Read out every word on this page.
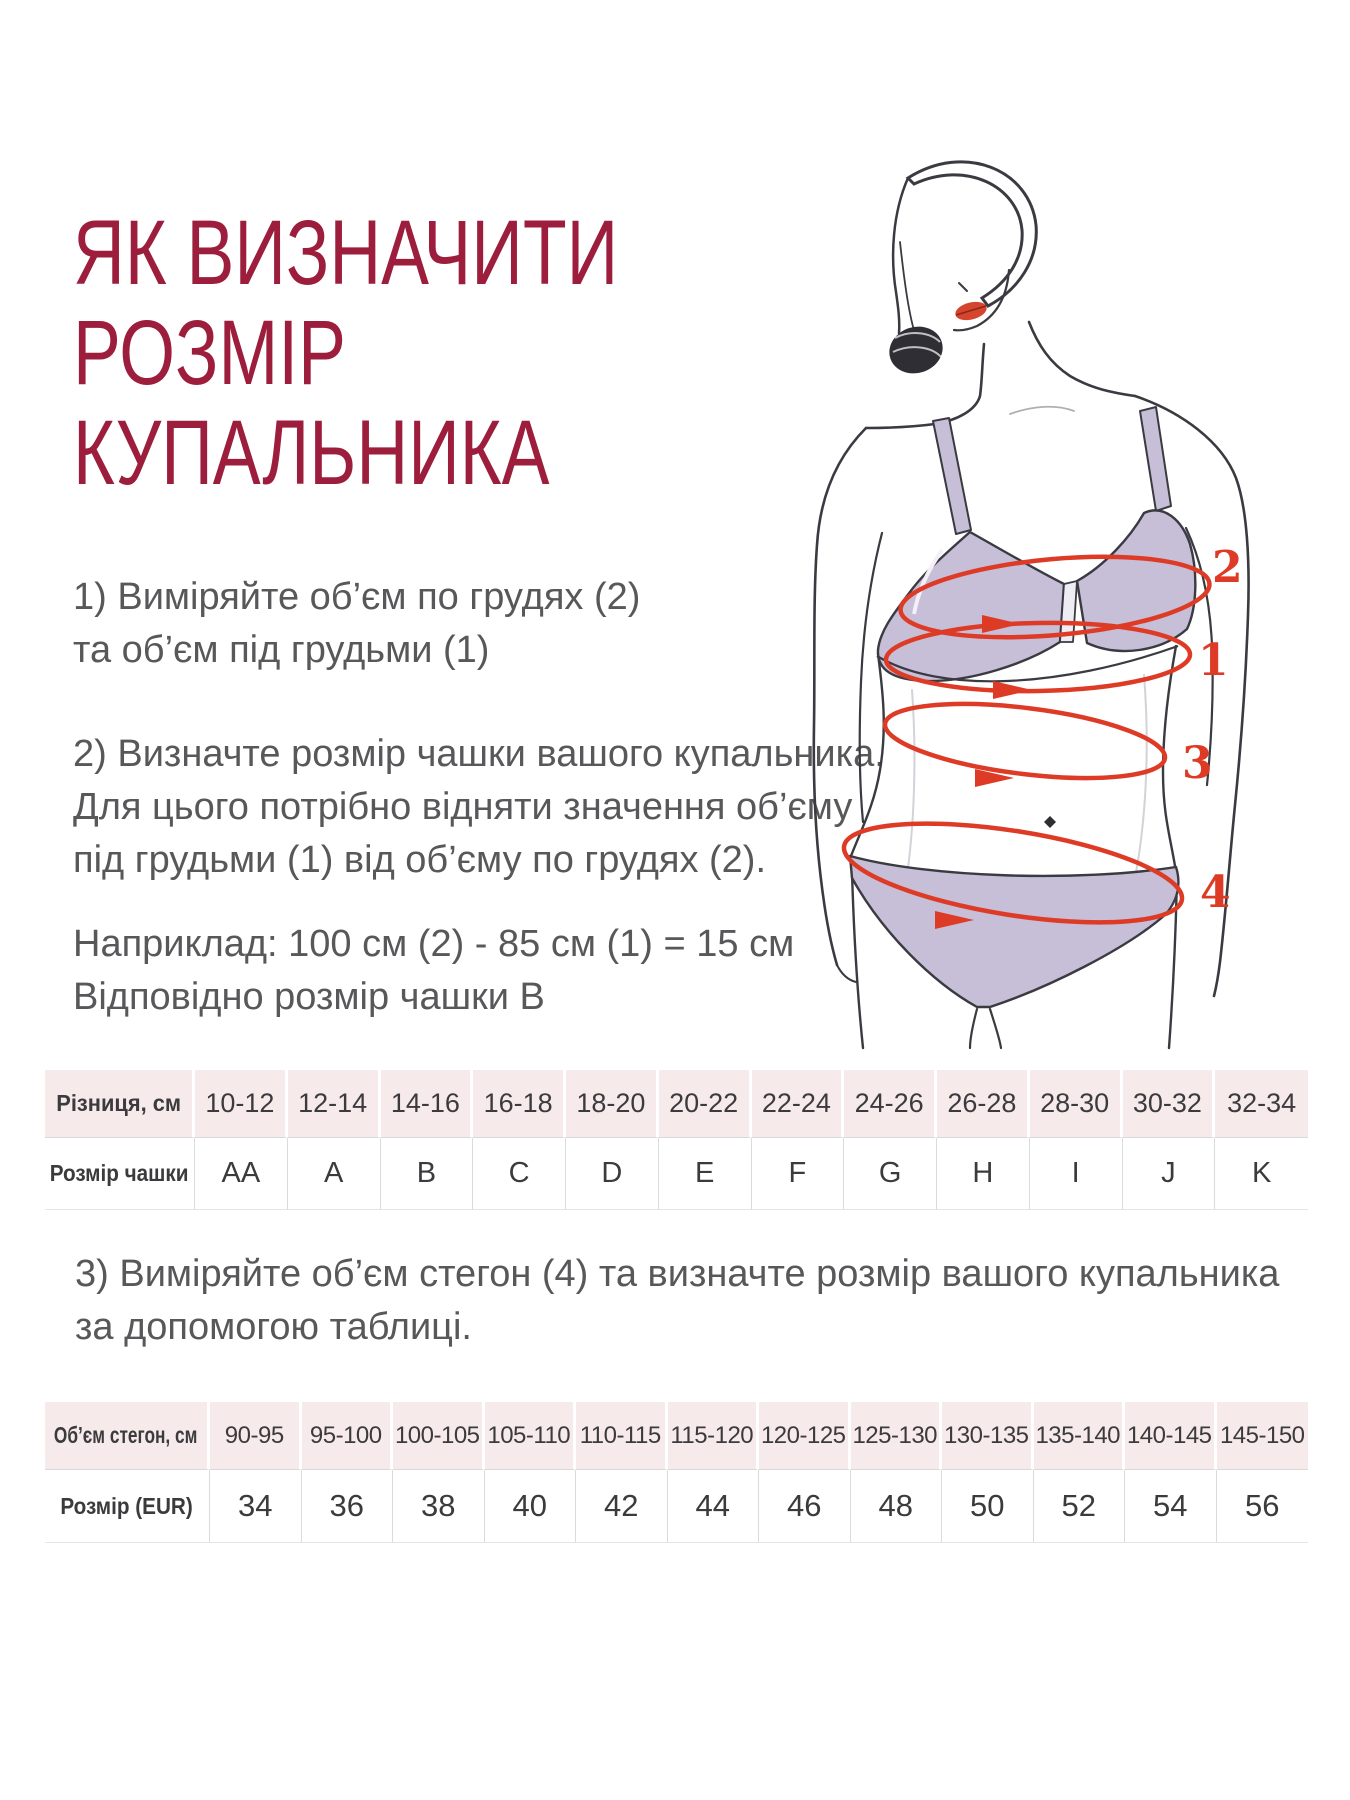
ЯК ВИЗНАЧИТИ
РОЗМІР
КУПАЛЬНИКА
1) Виміряйте об’єм по грудях (2)
та об’єм під грудьми (1)
2) Визначте розмір чашки вашого купальника.
Для цього потрібно відняти значення об’єму
під грудьми (1) від об’єму по грудях (2).
Наприклад: 100 см (2) - 85 см (1) = 15 см
Відповідно розмір чашки B
2
1
3
4
Різниця, см 10-12 12-14 14-16 16-18 18-20 20-22 22-24 24-26 26-28 28-30 30-32 32-34
Розмір чашки AA A	B	C D	E	F	G H	I	J	K
3) Виміряйте об’єм стегон (4) та визначте розмір вашого купальника
за допомогою таблиці.
Об’єм стегон, см 90-95 95-100 100-105 105-110 110-115 115-120 120-125 125-130 130-135 135-140 140-145 145-150
Розмір (EUR) 34 36 38 40 42 44 46 48 50 52 54 56
